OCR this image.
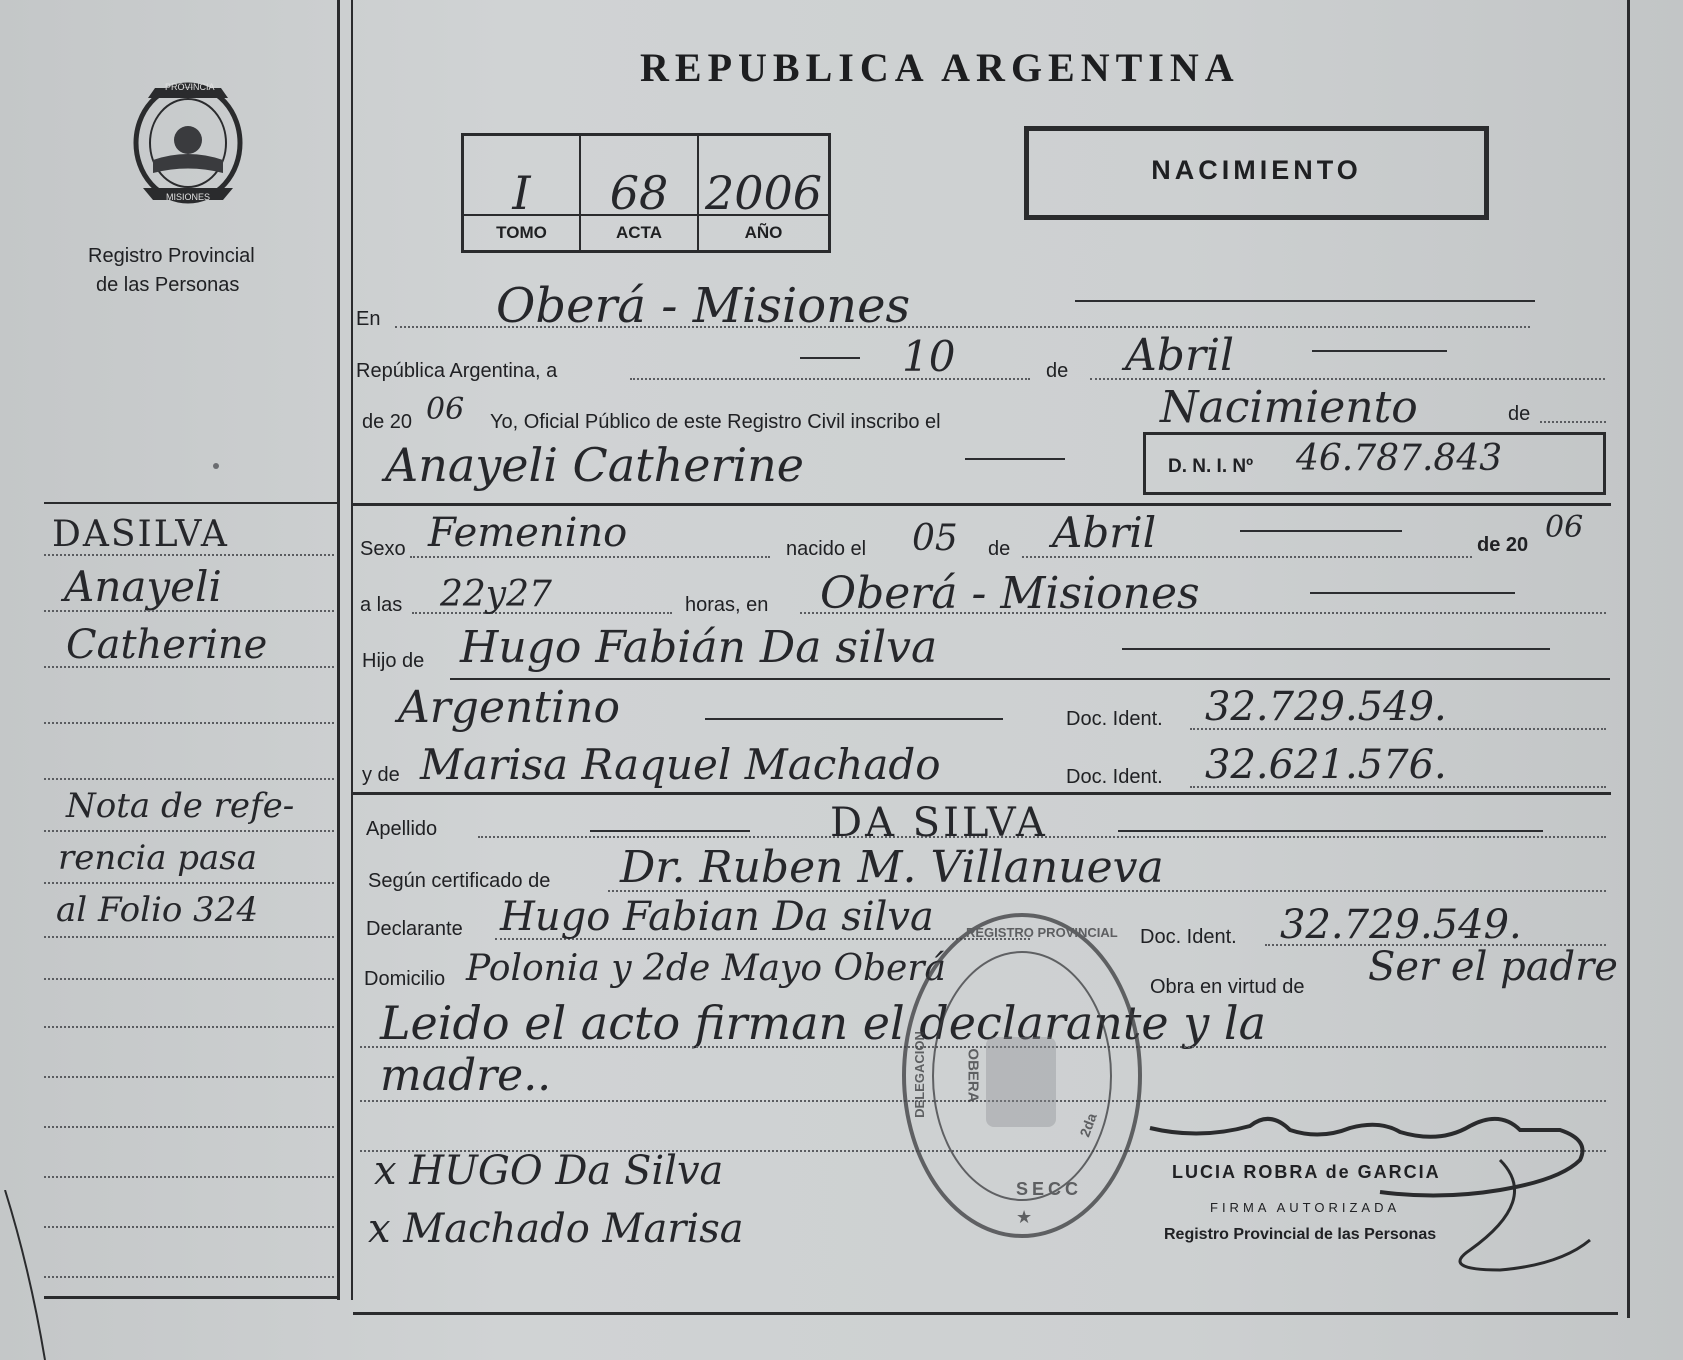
PROVINCIA
MISIONES
Registro Provincial
de las Personas
REPUBLICA ARGENTINA
I
TOMO
68
ACTA
2006
AÑO
NACIMIENTO
En Oberá - Misiones
República Argentina, a	10	de Abril
de 20 06 Yo, Oficial Público de este Registro Civil inscribo el	Nacimiento	de
Anayeli Catherine	D. N. I. Nº 46.787.843
Sexo Femenino	nacido el 05 de Abril	de 20 06
a las 22y27	horas, en Oberá - Misiones
Hijo de Hugo Fabián Da silva
Argentino	Doc. Ident. 32.729.549.
y de Marisa Raquel Machado	Doc. Ident. 32.621.576.
Apellido	DA SILVA
Según certificado de Dr. Ruben M. Villanueva
Declarante Hugo Fabian Da silva	Doc. Ident. 32.729.549.
Domicilio Polonia y 2de Mayo Oberá	Obra en virtud de Ser el padre
Leido el acto firman el declarante y la
madre..
x HUGO Da Silva
x Machado Marisa
LUCIA ROBRA de GARCIA
FIRMA AUTORIZADA
Registro Provincial de las Personas
REGISTRO PROVINCIAL
DELEGACION	OBERA
SECC
2da
★
DASILVA
Anayeli
Catherine
Nota de refe-
rencia pasa
al Folio 324
